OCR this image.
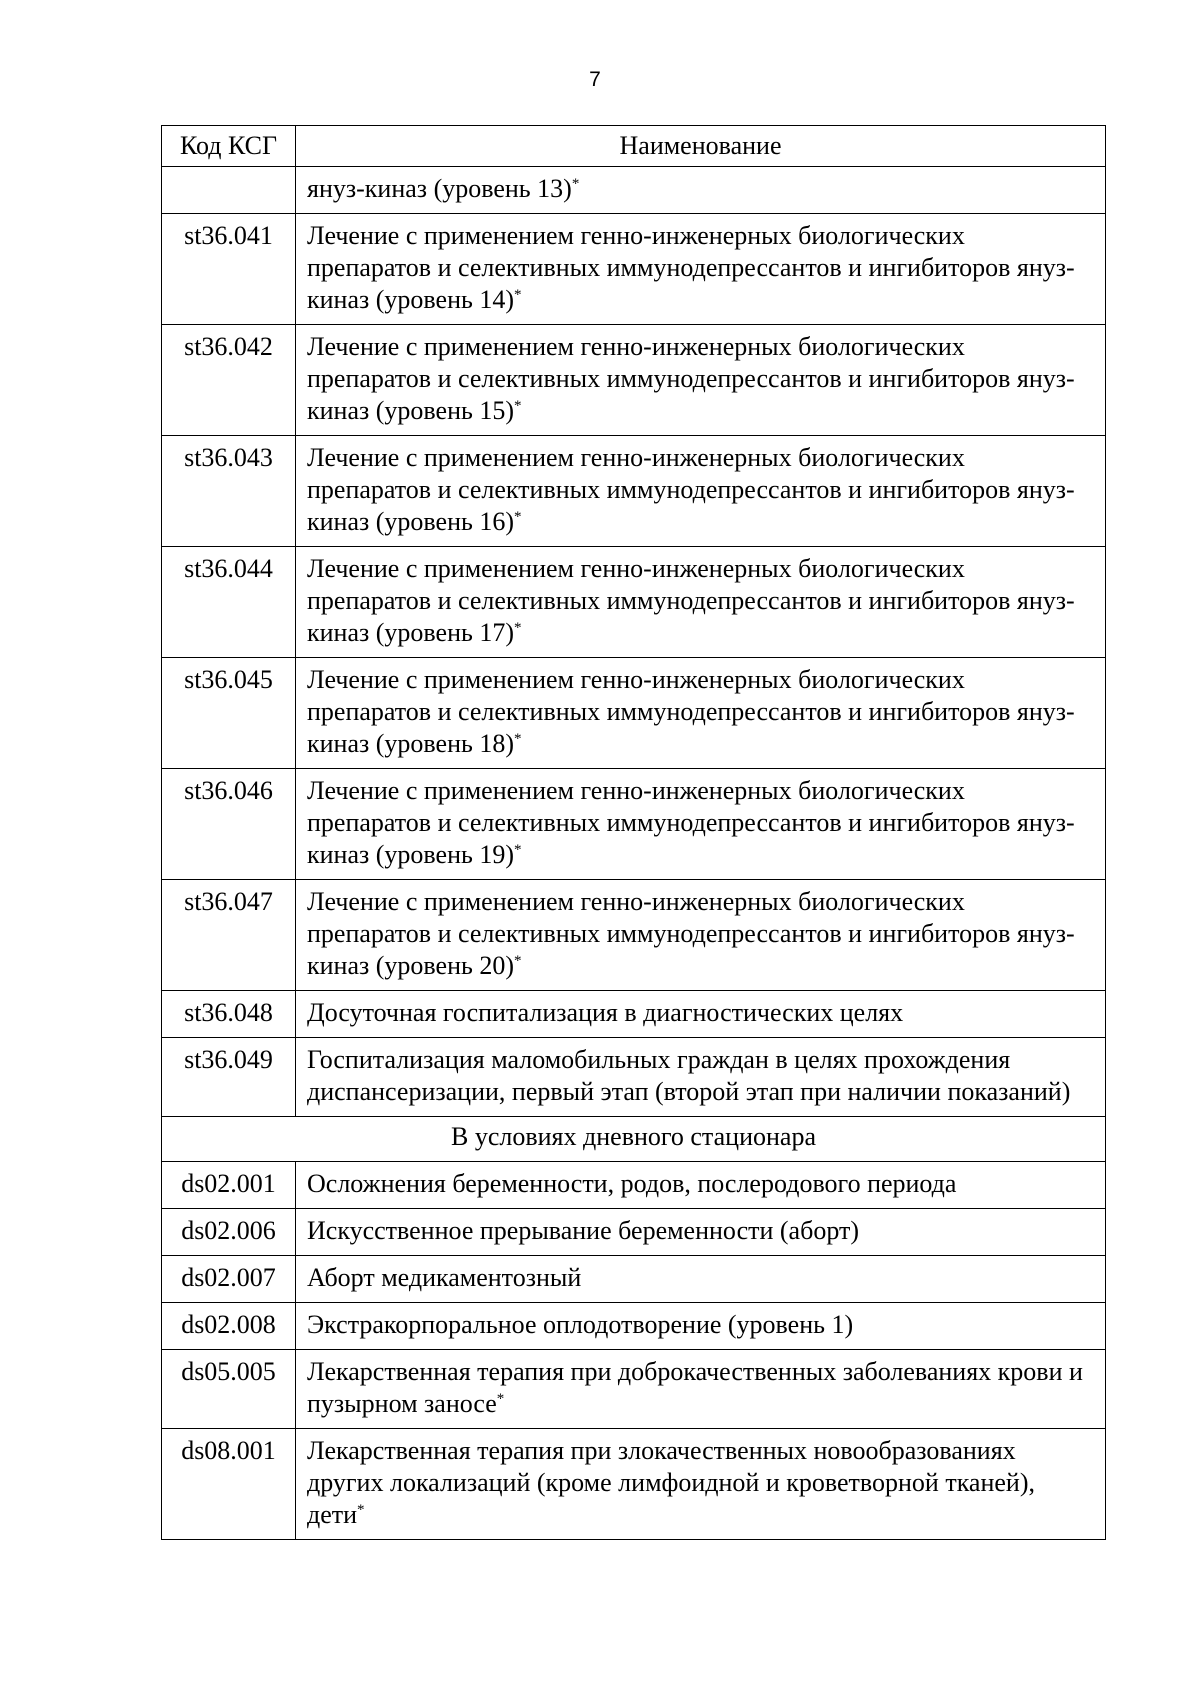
7
Код КСГ	Наименование
	януз-киназ (уровень 13)*
st36.041	Лечение с применением генно-инженерных биологических препаратов и селективных иммунодепрессантов и ингибиторов януз-киназ (уровень 14)*
st36.042	Лечение с применением генно-инженерных биологических препаратов и селективных иммунодепрессантов и ингибиторов януз-киназ (уровень 15)*
st36.043	Лечение с применением генно-инженерных биологических препаратов и селективных иммунодепрессантов и ингибиторов януз-киназ (уровень 16)*
st36.044	Лечение с применением генно-инженерных биологических препаратов и селективных иммунодепрессантов и ингибиторов януз-киназ (уровень 17)*
st36.045	Лечение с применением генно-инженерных биологических препаратов и селективных иммунодепрессантов и ингибиторов януз-киназ (уровень 18)*
st36.046	Лечение с применением генно-инженерных биологических препаратов и селективных иммунодепрессантов и ингибиторов януз-киназ (уровень 19)*
st36.047	Лечение с применением генно-инженерных биологических препаратов и селективных иммунодепрессантов и ингибиторов януз-киназ (уровень 20)*
st36.048	Досуточная госпитализация в диагностических целях
st36.049	Госпитализация маломобильных граждан в целях прохождения диспансеризации, первый этап (второй этап при наличии показаний)
В условиях дневного стационара	
ds02.001	Осложнения беременности, родов, послеродового периода
ds02.006	Искусственное прерывание беременности (аборт)
ds02.007	Аборт медикаментозный
ds02.008	Экстракорпоральное оплодотворение (уровень 1)
ds05.005	Лекарственная терапия при доброкачественных заболеваниях крови и пузырном заносе*
ds08.001	Лекарственная терапия при злокачественных новообразованиях других локализаций (кроме лимфоидной и кроветворной тканей), дети*
